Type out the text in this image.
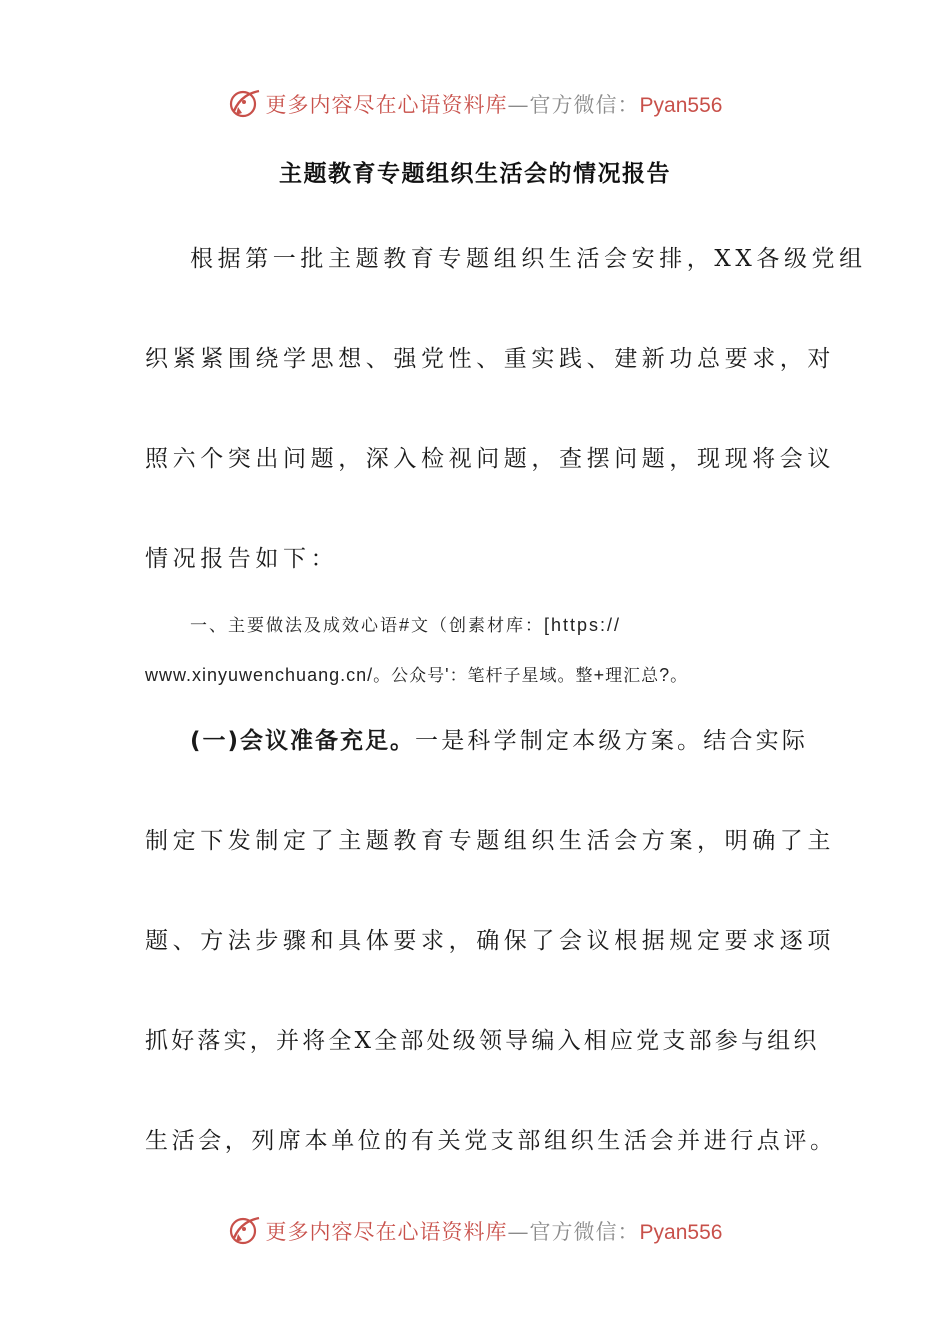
更多内容尽在心语资料库—官方微信：Pyan556
主题教育专题组织生活会的情况报告
根据第一批主题教育专题组织生活会安排，XX各级党组
织紧紧围绕学思想、强党性、重实践、建新功总要求，对
照六个突出问题，深入检视问题，查摆问题，现现将会议
情况报告如下：
一、主要做法及成效心语#文（创素材库：[https://
www.xinyuwenchuang.cn/。公众号'：笔杆子星域。整+理汇总?。
(一)会议准备充足。一是科学制定本级方案。结合实际
制定下发制定了主题教育专题组织生活会方案，明确了主
题、方法步骤和具体要求，确保了会议根据规定要求逐项
抓好落实，并将全X全部处级领导编入相应党支部参与组织
生活会，列席本单位的有关党支部组织生活会并进行点评。
更多内容尽在心语资料库—官方微信：Pyan556
